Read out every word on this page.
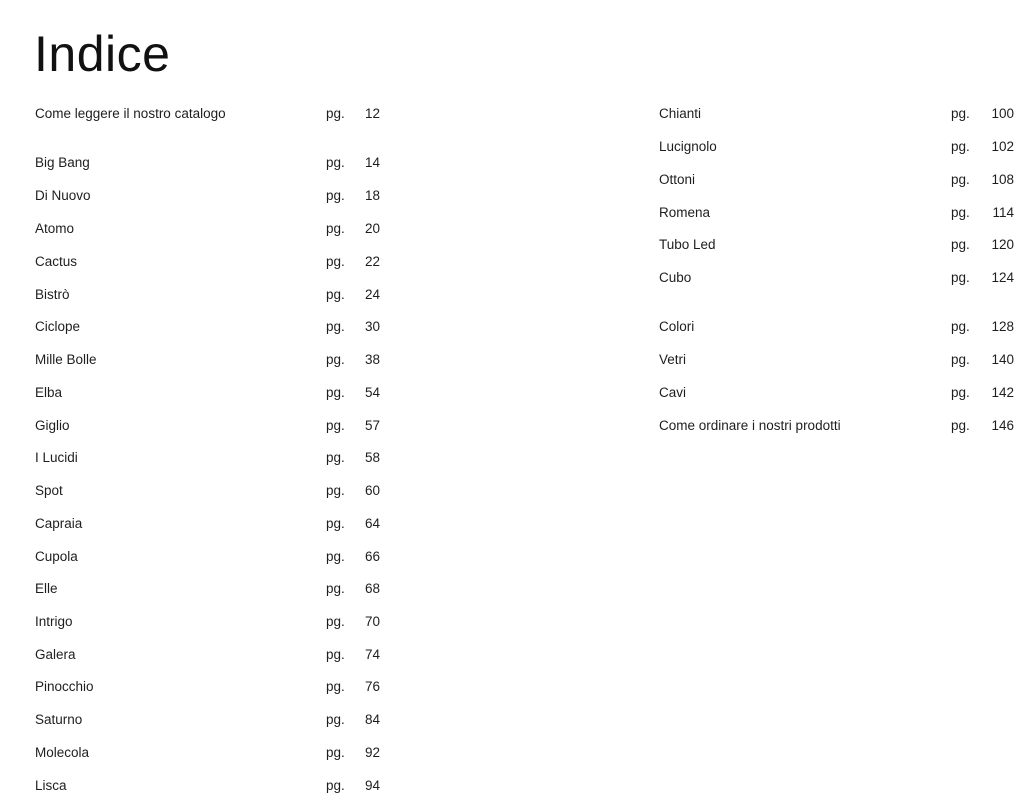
Indice
Come leggere il nostro catalogo	pg. 12
Big Bang	pg. 14
Di Nuovo	pg. 18
Atomo	pg. 20
Cactus	pg. 22
Bistrò	pg. 24
Ciclope	pg. 30
Mille Bolle	pg. 38
Elba	pg. 54
Giglio	pg. 57
I Lucidi	pg. 58
Spot	pg. 60
Capraia	pg. 64
Cupola	pg. 66
Elle	pg. 68
Intrigo	pg. 70
Galera	pg. 74
Pinocchio	pg. 76
Saturno	pg. 84
Molecola	pg. 92
Lisca	pg. 94
Chianti	pg. 100
Lucignolo	pg. 102
Ottoni	pg. 108
Romena	pg. 114
Tubo Led	pg. 120
Cubo	pg. 124
Colori	pg. 128
Vetri	pg. 140
Cavi	pg. 142
Come ordinare i nostri prodotti	pg. 146
